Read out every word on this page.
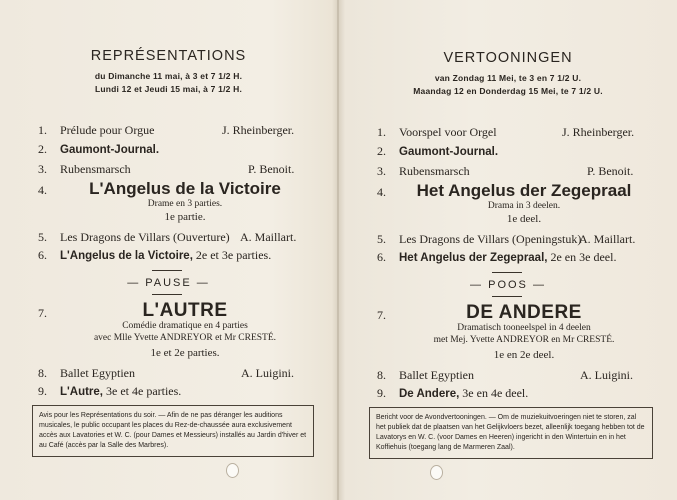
REPRÉSENTATIONS
du Dimanche 11 mai, à 3 et 7 1/2 H.
Lundi 12 et Jeudi 15 mai, à 7 1/2 H.
1. Prélude pour Orgue	J. Rheinberger.
2. Gaumont-Journal.
3. Rubensmarsch	P. Benoit.
4.	L'Angelus de la Victoire
Drame en 3 parties.
1e partie.
5. Les Dragons de Villars (Ouverture) A. Maillart.
6. L'Angelus de la Victoire, 2e et 3e parties.
— PAUSE —
7.	L'AUTRE
Comédie dramatique en 4 parties
avec Mlle Yvette ANDREYOR et Mr CRESTÉ.
1e et 2e parties.
8. Ballet Egyptien	A. Luigini.
9. L'Autre, 3e et 4e parties.
Avis pour les Représentations du soir. — Afin de ne pas déranger les auditions musicales, le public occupant les places du Rez-de-chaussée aura exclusivement accès aux Lavatories et W. C. (pour Dames et Messieurs) installés au Jardin d'hiver et au Café (accès par la Salle des Marbres).
VERTOONINGEN
van Zondag 11 Mei, te 3 en 7 1/2 U.
Maandag 12 en Donderdag 15 Mei, te 7 1/2 U.
1. Voorspel voor Orgel	J. Rheinberger.
2. Gaumont-Journal.
3. Rubensmarsch	P. Benoit.
4.	Het Angelus der Zegepraal
Drama in 3 deelen.
1e deel.
5. Les Dragons de Villars (Openingstuk)
A. Maillart.
6. Het Angelus der Zegepraal, 2e en 3e deel.
— POOS —
7.	DE ANDERE
Dramatisch tooneelspel in 4 deelen
met Mej. Yvette ANDREYOR en Mr CRESTÉ.
1e en 2e deel.
8. Ballet Egyptien	A. Luigini.
9. De Andere, 3e en 4e deel.
Bericht voor de Avondvertooningen. — Om de muziekuitvoeringen niet te storen, zal het publiek dat de plaatsen van het Gelijkvloers bezet, alleenlijk toegang hebben tot de Lavatorys en W. C. (voor Dames en Heeren) ingericht in den Wintertuin en in het Koffiehuis (toegang lang de Marmeren Zaal).
